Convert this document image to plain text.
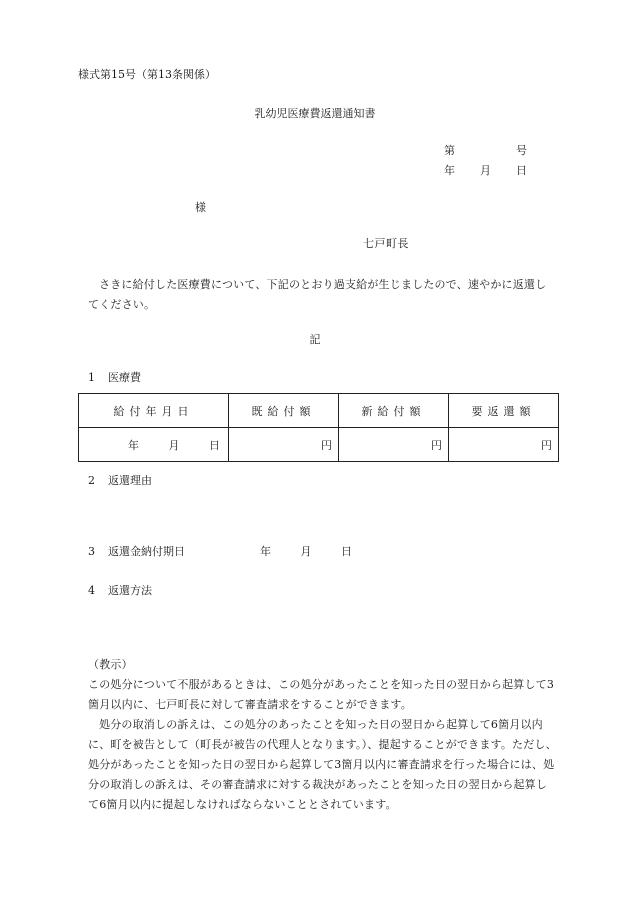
様式第15号（第13条関係）
乳幼児医療費返還通知書
第	号
年 月 日
様
七戸町長
さきに給付した医療費について、下記のとおり過支給が生じましたので、速やかに返還してください。
記
1 医療費
給付年月日	既給付額	新給付額	要返還額
年 月 日	円	円	円
2 返還理由
3 返還金納付期日	年	月	日
4 返還方法

（教示）

この処分について不服があるときは、この処分があったことを知った日の翌日から起算して3箇月以内に、七戸町長に対して審査請求をすることができます。

処分の取消しの訴えは、この処分のあったことを知った日の翌日から起算して6箇月以内に、町を被告として（町長が被告の代理人となります。）、提起することができます。ただし、処分があったことを知った日の翌日から起算して3箇月以内に審査請求を行った場合には、処分の取消しの訴えは、その審査請求に対する裁決があったことを知った日の翌日から起算して6箇月以内に提起しなければならないこととされています。
